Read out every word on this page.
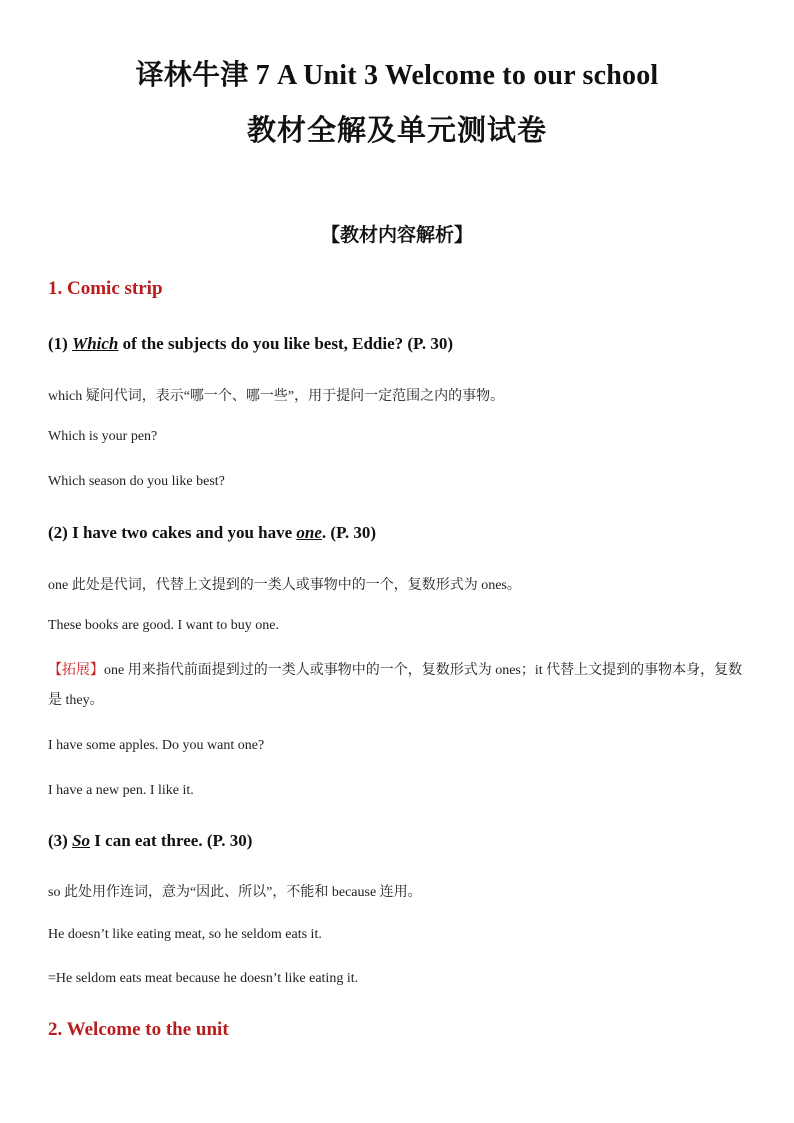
译林牛津 7 A Unit 3 Welcome to our school
教材全解及单元测试卷
【教材内容解析】
1. Comic strip
(1) Which of the subjects do you like best, Eddie? (P. 30)
which 疑问代词，表示“哪一个、哪一些”，用于提问一定范围之内的事物。
Which is your pen?
Which season do you like best?
(2) I have two cakes and you have one. (P. 30)
one 此处是代词，代替上文提到的一类人或事物中的一个，复数形式为 ones。
These books are good. I want to buy one.
【拓展】one 用来指代前面提到过的一类人或事物中的一个，复数形式为 ones；it 代替上文提到的事物本身，复数是 they。
I have some apples. Do you want one?
I have a new pen. I like it.
(3) So I can eat three. (P. 30)
so 此处用作连词，意为“因此、所以”，不能和 because 连用。
He doesn’t like eating meat, so he seldom eats it.
=He seldom eats meat because he doesn’t like eating it.
2. Welcome to the unit
